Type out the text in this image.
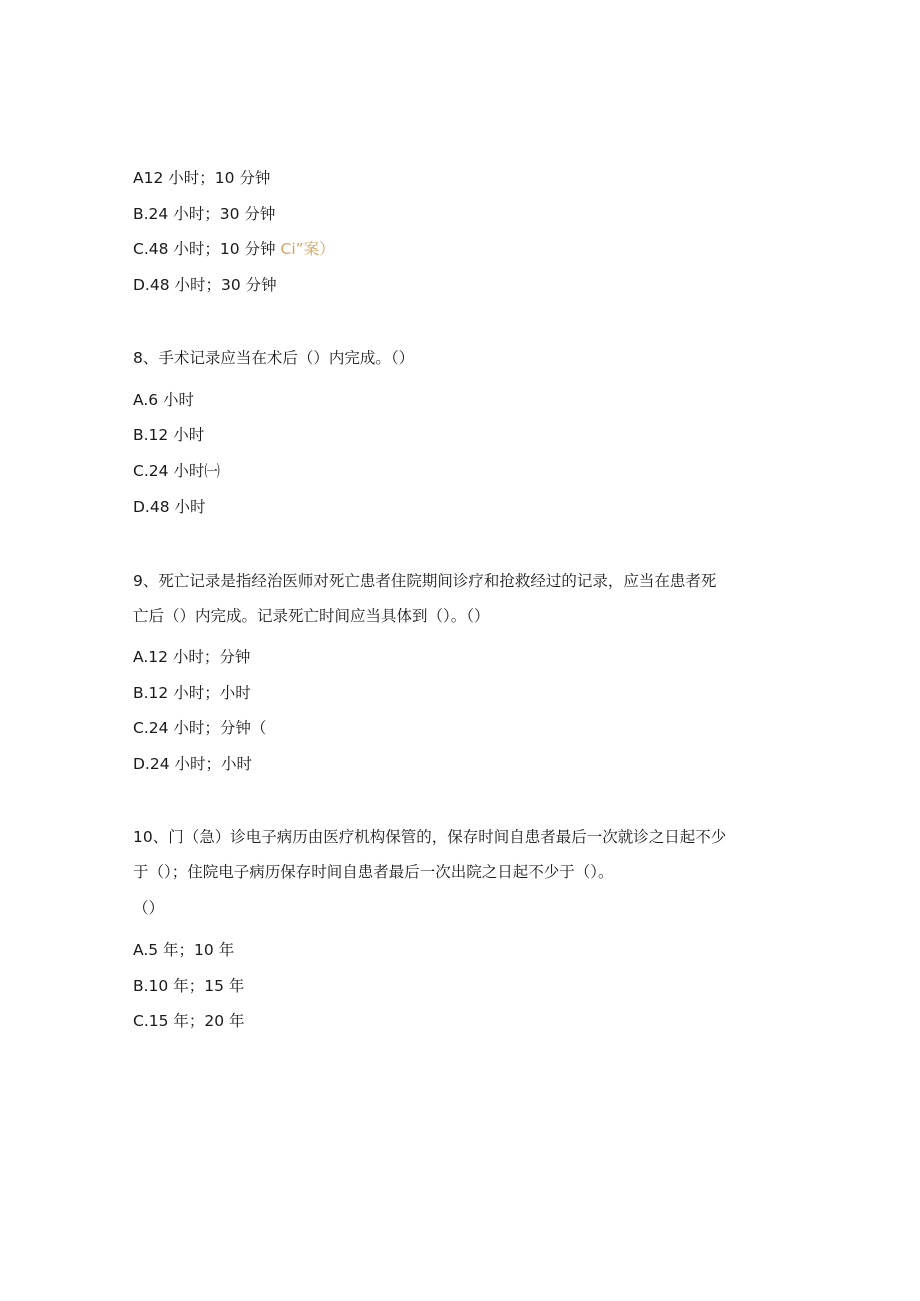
A12 小时；10 分钟
B.24 小时；30 分钟
C.48 小时；10 分钟 Ci”案）
D.48 小时；30 分钟
8、手术记录应当在术后（）内完成。（）
A.6 小时
B.12 小时
C.24 小时㈠
D.48 小时
9、死亡记录是指经治医师对死亡患者住院期间诊疗和抢救经过的记录，应当在患者死
亡后（）内完成。记录死亡时间应当具体到（）。（）
A.12 小时；分钟
B.12 小时；小时
C.24 小时；分钟（
D.24 小时；小时
10、门（急）诊电子病历由医疗机构保管的，保存时间自患者最后一次就诊之日起不少
于（）；住院电子病历保存时间自患者最后一次出院之日起不少于（）。
（）
A.5 年；10 年
B.10 年；15 年
C.15 年；20 年
